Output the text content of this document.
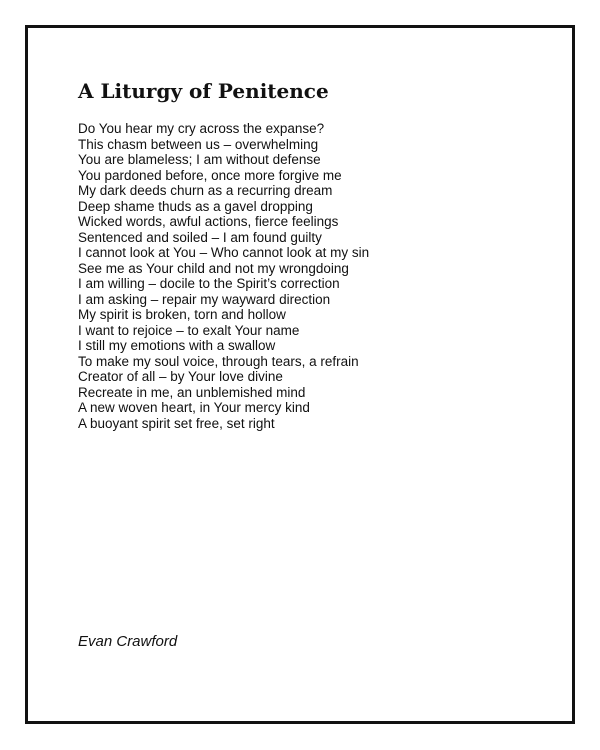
A Liturgy of Penitence
Do You hear my cry across the expanse?
This chasm between us – overwhelming
You are blameless; I am without defense
You pardoned before, once more forgive me
My dark deeds churn as a recurring dream
Deep shame thuds as a gavel dropping
Wicked words, awful actions, fierce feelings
Sentenced and soiled – I am found guilty
I cannot look at You – Who cannot look at my sin
See me as Your child and not my wrongdoing
I am willing – docile to the Spirit’s correction
I am asking – repair my wayward direction
My spirit is broken, torn and hollow
I want to rejoice – to exalt Your name
I still my emotions with a swallow
To make my soul voice, through tears, a refrain
Creator of all – by Your love divine
Recreate in me, an unblemished mind
A new woven heart, in Your mercy kind
A buoyant spirit set free, set right

Evan Crawford
